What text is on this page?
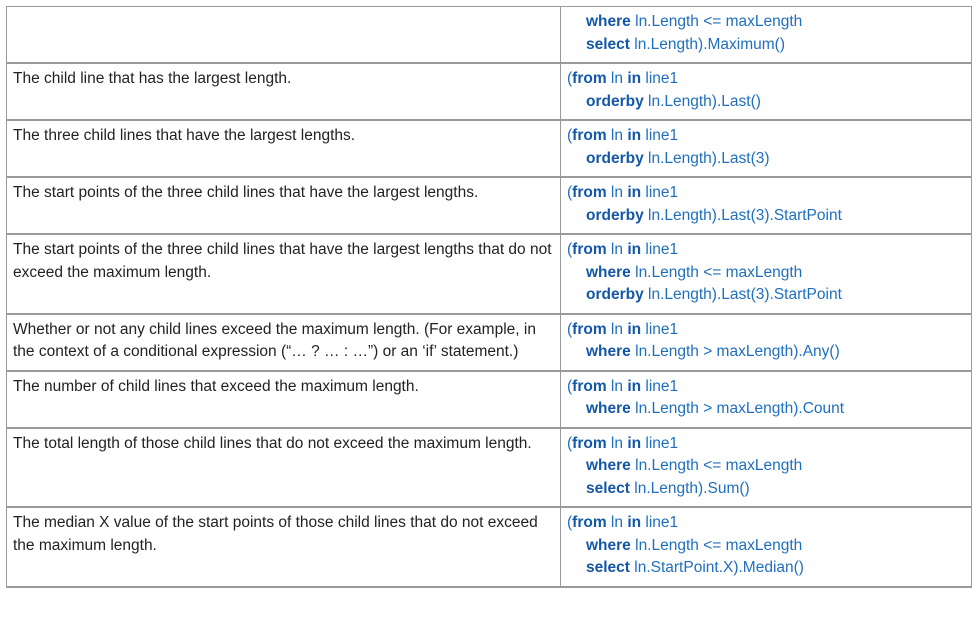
	where ln.Length <= maxLength
select ln.Length).Maximum()

The child line that has the largest length.	(from ln in line1
orderby ln.Length).Last()

The three child lines that have the largest lengths.	(from ln in line1
orderby ln.Length).Last(3)

The start points of the three child lines that have the largest lengths.	(from ln in line1
orderby ln.Length).Last(3).StartPoint

The start points of the three child lines that have the largest lengths that do not exceed the maximum length.	(from ln in line1
where ln.Length <= maxLength
orderby ln.Length).Last(3).StartPoint

Whether or not any child lines exceed the maximum length. (For example, in the context of a conditional expression (“… ? … : …”) or an ‘if’ statement.)	(from ln in line1
where ln.Length > maxLength).Any()

The number of child lines that exceed the maximum length.	(from ln in line1
where ln.Length > maxLength).Count

The total length of those child lines that do not exceed the maximum length.	(from ln in line1
where ln.Length <= maxLength
select ln.Length).Sum()

The median X value of the start points of those child lines that do not exceed the maximum length.	(from ln in line1
where ln.Length <= maxLength
select ln.StartPoint.X).Median()
